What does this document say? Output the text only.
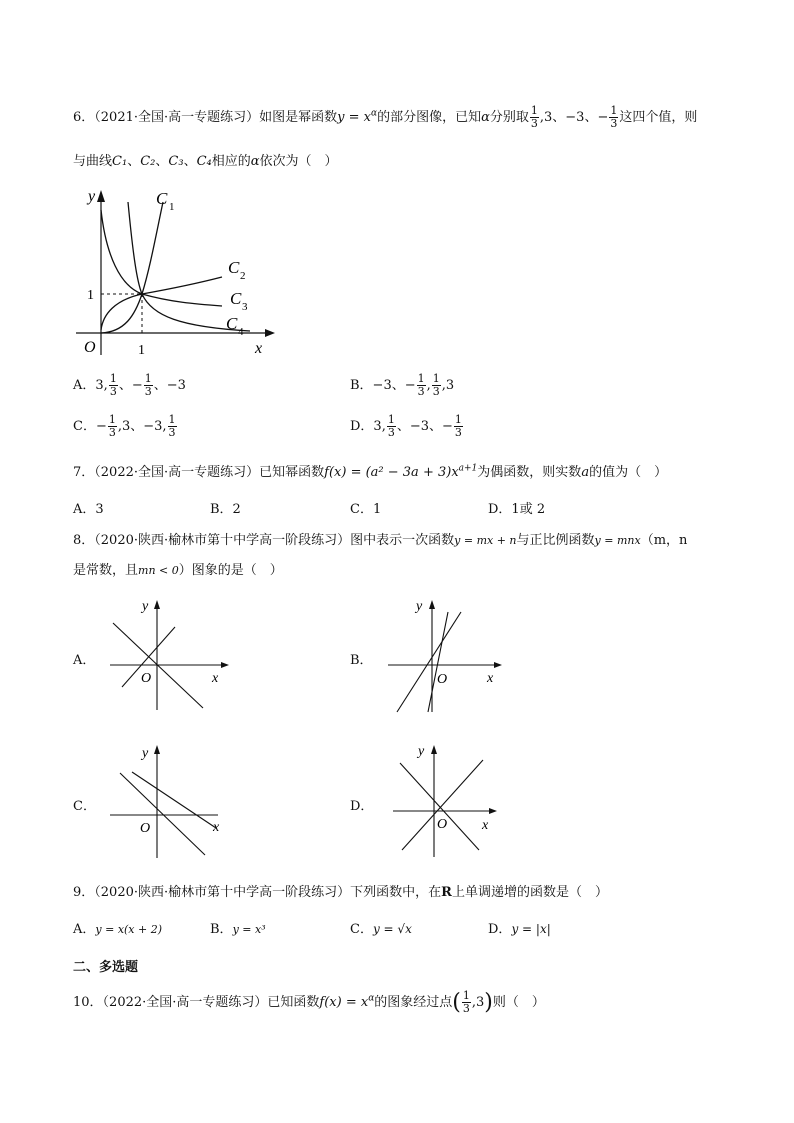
6．（2021·全国·高一专题练习）如图是幂函数$y = x^\alpha$的部分图像，已知α分别取 $\frac{1}{3} ,3$、−3、− $\frac{1}{3}$ 这四个值，则
与曲线C₁、C₂、C₃、C₄相应的α依次为（　）
y
x
O	1
1
C 1
C 2
C 3
C 4
A．3, $\frac{1}{3}$ 、− $\frac{1}{3}$ 、−3	B．−3、− $\frac{1}{3}$ , $\frac{1}{3} ,3$
C．− $\frac{1}{3} ,3$、−3, $\frac{1}{3}$	D．3, $\frac{1}{3}$ 、−3、− $\frac{1}{3}$
7．（2022·全国·高一专题练习）已知幂函数$f(x) = (a^2 - 3a + 3)x^{a+1}$为偶函数，则实数a的值为（　）
A．3	B．2	C．1	D．1或 2
8．（2020·陕西·榆林市第十中学高一阶段练习）图中表示一次函数y = mx + n与正比例函数y = mnx（m，n
是常数，且mn < 0）图象的是（　）
A．
y
x
O
B．
y
x
O
C．
y
x
O
D．
y
x
O
9．（2020·陕西·榆林市第十中学高一阶段练习）下列函数中，在R上单调递增的函数是（　）
A．y = x(x + 2)	B．y = x³	C．y = √x	D．y = |x|
二、多选题
10．（2022·全国·高一专题练习）已知函数$f(x) = x^\alpha$的图象经过点( $\frac{1}{3} ,3$)则（　）
